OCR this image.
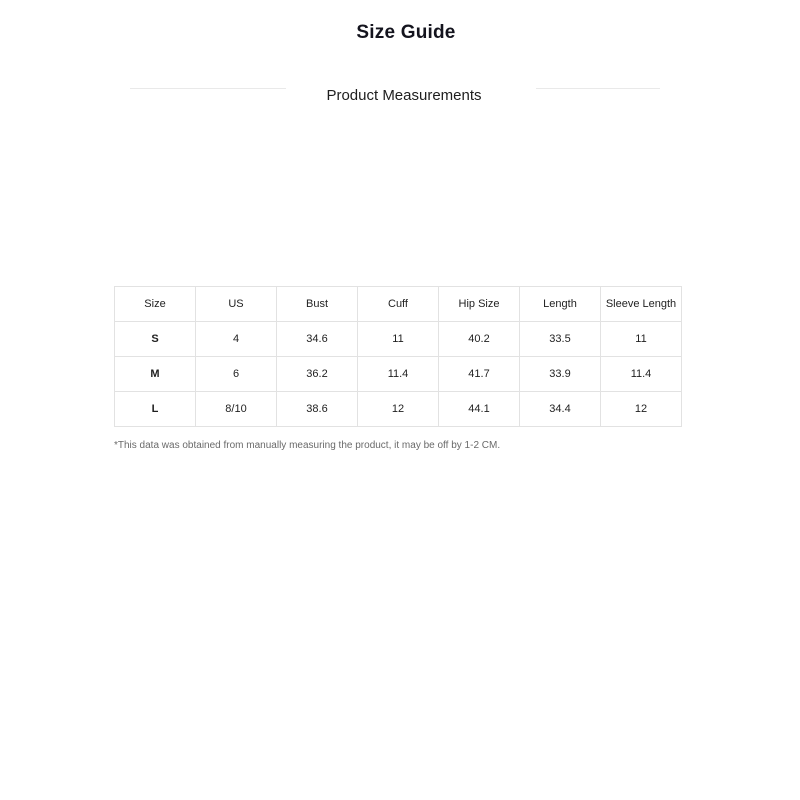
Size Guide
Product Measurements
Size	US	Bust	Cuff	Hip Size	Length	Sleeve Length
S	4	34.6	11	40.2	33.5	11
M	6	36.2	11.4	41.7	33.9	11.4
L	8/10	38.6	12	44.1	34.4	12
*This data was obtained from manually measuring the product, it may be off by 1-2 CM.
